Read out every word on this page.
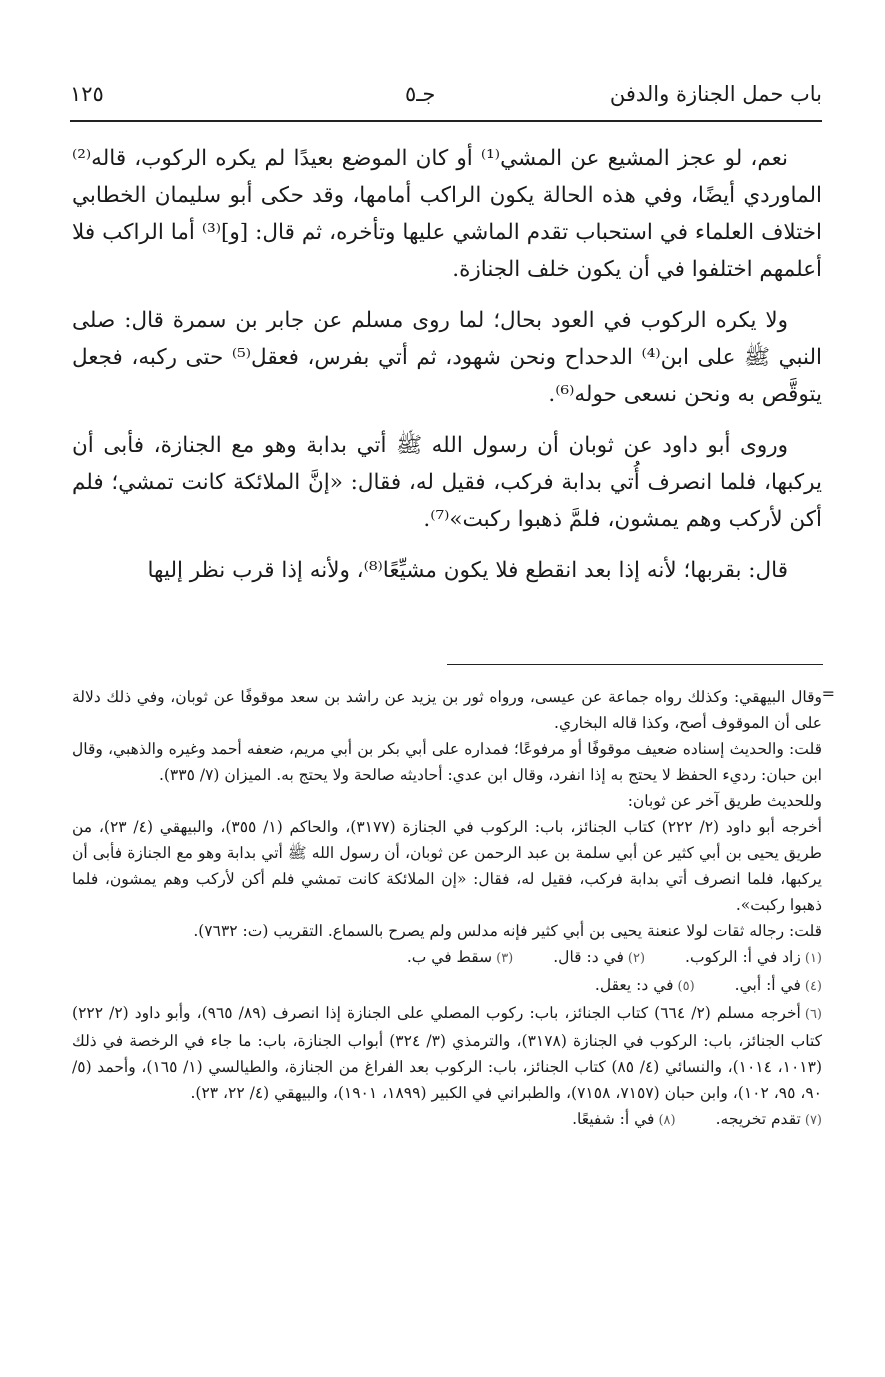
باب حمل الجنازة والدفن
جـ٥
١٢٥

نعم، لو عجز المشيع عن المشي⁽¹⁾ أو كان الموضع بعيدًا لم يكره الركوب، قاله⁽²⁾ الماوردي أيضًا، وفي هذه الحالة يكون الراكب أمامها، وقد حكى أبو سليمان الخطابي اختلاف العلماء في استحباب تقدم الماشي عليها وتأخره، ثم قال: [و]⁽³⁾ أما الراكب فلا أعلمهم اختلفوا في أن يكون خلف الجنازة.

ولا يكره الركوب في العود بحال؛ لما روى مسلم عن جابر بن سمرة قال: صلى النبي ﷺ على ابن⁽⁴⁾ الدحداح ونحن شهود، ثم أتي بفرس، فعقل⁽⁵⁾ حتى ركبه، فجعل يتوقَّص به ونحن نسعى حوله⁽⁶⁾.

وروى أبو داود عن ثوبان أن رسول الله ﷺ أتي بدابة وهو مع الجنازة، فأبى أن يركبها، فلما انصرف أُتي بدابة فركب، فقيل له، فقال: «إنَّ الملائكة كانت تمشي؛ فلم أكن لأركب وهم يمشون، فلمَّ ذهبوا ركبت»⁽⁷⁾.

قال: بقربها؛ لأنه إذا بعد انقطع فلا يكون مشيِّعًا⁽⁸⁾، ولأنه إذا قرب نظر إليها

=

وقال البيهقي: وكذلك رواه جماعة عن عيسى، ورواه ثور بن يزيد عن راشد بن سعد موقوفًا عن ثوبان، وفي ذلك دلالة على أن الموقوف أصح، وكذا قاله البخاري.

قلت: والحديث إسناده ضعيف موقوفًا أو مرفوعًا؛ فمداره على أبي بكر بن أبي مريم، ضعفه أحمد وغيره والذهبي، وقال ابن حبان: رديء الحفظ لا يحتج به إذا انفرد، وقال ابن عدي: أحاديثه صالحة ولا يحتج به. الميزان (٧/ ٣٣٥).

وللحديث طريق آخر عن ثوبان:

أخرجه أبو داود (٢/ ٢٢٢) كتاب الجنائز، باب: الركوب في الجنازة (٣١٧٧)، والحاكم (١/ ٣٥٥)، والبيهقي (٤/ ٢٣)، من طريق يحيى بن أبي كثير عن أبي سلمة بن عبد الرحمن عن ثوبان، أن رسول الله ﷺ أتي بدابة وهو مع الجنازة فأبى أن يركبها، فلما انصرف أتي بدابة فركب، فقيل له، فقال: «إن الملائكة كانت تمشي فلم أكن لأركب وهم يمشون، فلما ذهبوا ركبت».

قلت: رجاله ثقات لولا عنعنة يحيى بن أبي كثير فإنه مدلس ولم يصرح بالسماع. التقريب (ت: ٧٦٣٢).

(١)زاد في أ: الركوب.
(٢)في د: قال.
(٣)سقط في ب.
(٤)في أ: أبي.
(٥)في د: يعقل.

(٦)أخرجه مسلم (٢/ ٦٦٤) كتاب الجنائز، باب: ركوب المصلي على الجنازة إذا انصرف (٨٩/ ٩٦٥)، وأبو داود (٢/ ٢٢٢) كتاب الجنائز، باب: الركوب في الجنازة (٣١٧٨)، والترمذي (٣/ ٣٢٤) أبواب الجنازة، باب: ما جاء في الرخصة في ذلك (١٠١٣، ١٠١٤)، والنسائي (٤/ ٨٥) كتاب الجنائز، باب: الركوب بعد الفراغ من الجنازة، والطيالسي (١/ ١٦٥)، وأحمد (٥/ ٩٠، ٩٥، ١٠٢)، وابن حبان (٧١٥٧، ٧١٥٨)، والطبراني في الكبير (١٨٩٩، ١٩٠١)، والبيهقي (٤/ ٢٢، ٢٣).

(٧)تقدم تخريجه.
(٨)في أ: شفيعًا.
